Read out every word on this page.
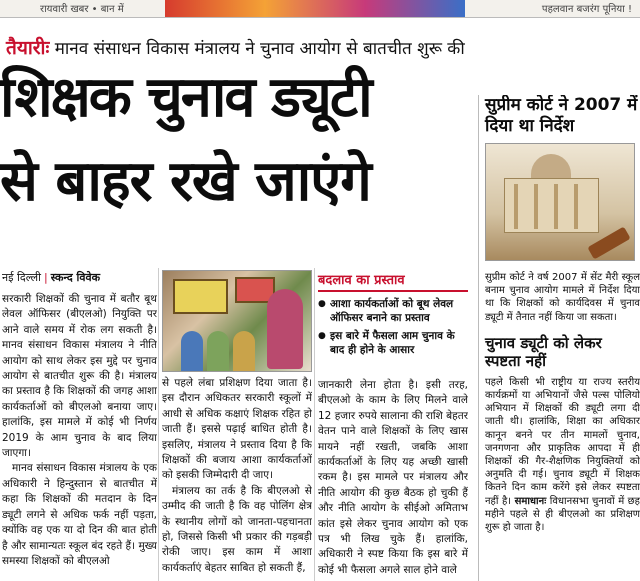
रायवारी खबर • बान में	पहलवान बजरंग पूनिया !
तैयारीः मानव संसाधन विकास मंत्रालय ने चुनाव आयोग से बातचीत शुरू की
शिक्षक चुनाव ड्यूटी
से बाहर रखे जाएंगे
नई दिल्ली | स्कन्द विवेक

सरकारी शिक्षकों की चुनाव में बतौर बूथ लेवल ऑफिसर (बीएलओ) नियुक्ति पर आने वाले समय में रोक लग सकती है। मानव संसाधन विकास मंत्रालय ने नीति आयोग को साथ लेकर इस मुद्दे पर चुनाव आयोग से बातचीत शुरू की है। मंत्रालय का प्रस्ताव है कि शिक्षकों की जगह आशा कार्यकर्ताओं को बीएलओ बनाया जाए। हालांकि, इस मामले में कोई भी निर्णय 2019 के आम चुनाव के बाद लिया जाएगा।

मानव संसाधन विकास मंत्रालय के एक अधिकारी ने हिन्दुस्तान से बातचीत में कहा कि शिक्षकों की मतदान के दिन ड्यूटी लगने से अधिक फर्क नहीं पड़ता, क्योंकि वह एक या दो दिन की बात होती है और सामान्यतः स्कूल बंद रहते हैं। मुख्य समस्या शिक्षकों को बीएलओ

से पहले लंबा प्रशिक्षण दिया जाता है। इस दौरान अधिकतर सरकारी स्कूलों में आधी से अधिक कक्षाएं शिक्षक रहित हो जाती हैं। इससे पढ़ाई बाधित होती है। इसलिए, मंत्रालय ने प्रस्ताव दिया है कि शिक्षकों की बजाय आशा कार्यकर्ताओं को इसकी जिम्मेदारी दी जाए।

मंत्रालय का तर्क है कि बीएलओ से उम्मीद की जाती है कि वह पोलिंग क्षेत्र के स्थानीय लोगों को जानता-पहचानता हो, जिससे किसी भी प्रकार की गड़बड़ी रोकी जाए। इस काम में आशा कार्यकर्ताएं बेहतर साबित हो सकती हैं,

बदलाव का प्रस्ताव
● आशा कार्यकर्ताओं को बूथ लेवल ऑफिसर बनाने का प्रस्ताव
● इस बारे में फैसला आम चुनाव के बाद ही होने के आसार

जानकारी लेना होता है। इसी तरह, बीएलओ के काम के लिए मिलने वाले 12 हजार रुपये सालाना की राशि बेहतर वेतन पाने वाले शिक्षकों के लिए खास मायने नहीं रखती, जबकि आशा कार्यकर्ताओं के लिए यह अच्छी खासी रकम है। इस मामले पर मंत्रालय और नीति आयोग की कुछ बैठक हो चुकी हैं और नीति आयोग के सीईओ अमिताभ कांत इसे लेकर चुनाव आयोग को एक पत्र भी लिख चुके हैं। हालांकि, अधिकारी ने स्पष्ट किया कि इस बारे में कोई भी फैसला अगले साल होने वाले

सुप्रीम कोर्ट ने 2007 में दिया था निर्देश
सुप्रीम कोर्ट ने वर्ष 2007 में सेंट मैरी स्कूल बनाम चुनाव आयोग मामले में निर्देश दिया था कि शिक्षकों को कार्यदिवस में चुनाव ड्यूटी में तैनात नहीं किया जा सकता।
चुनाव ड्यूटी को लेकर स्पष्टता नहीं
पहले किसी भी राष्ट्रीय या राज्य स्तरीय कार्यक्रमों या अभियानों जैसे पल्स पोलियो अभियान में शिक्षकों की ड्यूटी लगा दी जाती थी। हालांकि, शिक्षा का अधिकार कानून बनने पर तीन मामलों चुनाव, जनगणना और प्राकृतिक आपदा में ही शिक्षकों की गैर-शैक्षणिक नियुक्तियों को अनुमति दी गई। चुनाव ड्यूटी में शिक्षक कितने दिन काम करेंगे इसे लेकर स्पष्टता नहीं है। समाधानः विधानसभा चुनावों में छह महीने पहले से ही बीएलओ का प्रशिक्षण शुरू हो जाता है।
